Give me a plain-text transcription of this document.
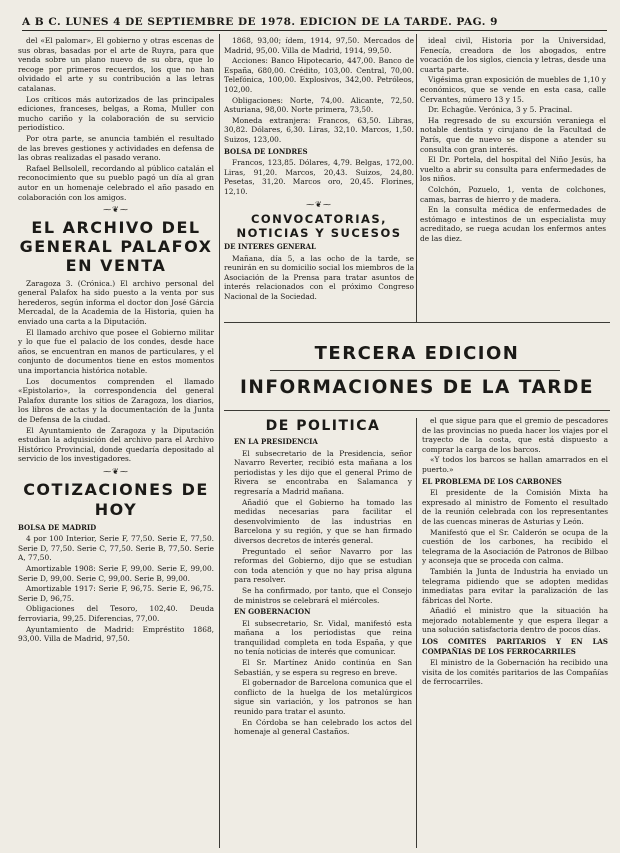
A B C. LUNES 4 DE SEPTIEMBRE DE 1978. EDICION DE LA TARDE. PAG. 9

del «El palomar», El gobierno y otras escenas de sus obras, basadas por el arte de Ruyra, para que venda sobre un plano nuevo de su obra, que lo recoge por primeros recuerdos, los que no han olvidado el arte y su contribución a las letras catalanas.

Los críticos más autorizados de las principales ediciones, franceses, belgas, a Roma, Muller con mucho cariño y la colaboración de su servicio periodístico.

Por otra parte, se anuncia también el resultado de las breves gestiones y actividades en defensa de las obras realizadas el pasado verano.

Rafael Bellsolell, recordando al público catalán el reconocimiento que su pueblo pagó un día al gran autor en un homenaje celebrado el año pasado en colaboración con los amigos.

⁓❦⁓
EL ARCHIVO DEL GENERAL PALAFOX EN VENTA

Zaragoza 3. (Crónica.) El archivo personal del general Palafox ha sido puesto a la venta por sus herederos, según informa el doctor don José Gárcia Mercadal, de la Academia de la Historia, quien ha enviado una carta a la Diputación.

El llamado archivo que posee el Gobierno militar y lo que fue el palacio de los condes, desde hace años, se encuentran en manos de particulares, y el conjunto de documentos tiene en estos momentos una importancia histórica notable.

Los documentos comprenden el llamado «Epistolario», la correspondencia del general Palafox durante los sitios de Zaragoza, los diarios, los libros de actas y la documentación de la Junta de Defensa de la ciudad.

El Ayuntamiento de Zaragoza y la Diputación estudian la adquisición del archivo para el Archivo Histórico Provincial, donde quedaría depositado al servicio de los investigadores.

⁓❦⁓
COTIZACIONES DE HOY
BOLSA DE MADRID

4 por 100 Interior, Serie F, 77,50. Serie E, 77,50. Serie D, 77,50. Serie C, 77,50. Serie B, 77,50. Serie A, 77,50.

Amortizable 1908: Serie F, 99,00. Serie E, 99,00. Serie D, 99,00. Serie C, 99,00. Serie B, 99,00.

Amortizable 1917: Serie F, 96,75. Serie E, 96,75. Serie D, 96,75.

Obligaciones del Tesoro, 102,40. Deuda ferroviaria, 99,25. Diferencias, 77,00.

Ayuntamiento de Madrid: Empréstito 1868, 93,00. Villa de Madrid, 97,50.

1868, 93,00; ídem, 1914, 97,50. Mercados de Madrid, 95,00. Villa de Madrid, 1914, 99,50.

Acciones: Banco Hipotecario, 447,00. Banco de España, 680,00. Crédito, 103,00. Central, 70,00. Telefónica, 100,00. Explosivos, 342,00. Petróleos, 102,00.

Obligaciones: Norte, 74,00. Alicante, 72,50. Asturiana, 98,00. Norte primera, 73,50.

Moneda extranjera: Francos, 63,50. Libras, 30,82. Dólares, 6,30. Liras, 32,10. Marcos, 1,50. Suizos, 123,00.

BOLSA DE LONDRES

Francos, 123,85. Dólares, 4,79. Belgas, 172,00. Liras, 91,20. Marcos, 20,43. Suizos, 24,80. Pesetas, 31,20. Marcos oro, 20,45. Florines, 12,10.

⁓❦⁓
CONVOCATORIAS, NOTICIAS Y SUCESOS
DE INTERES GENERAL

Mañana, día 5, a las ocho de la tarde, se reunirán en su domicilio social los miembros de la Asociación de la Prensa para tratar asuntos de interés relacionados con el próximo Congreso Nacional de la Sociedad.

ideal civil, Historia por la Universidad, Fenecía, creadora de los abogados, entre vocación de los siglos, ciencia y letras, desde una cuarta parte.

Vigésima gran exposición de muebles de 1,10 y económicos, que se vende en esta casa, calle Cervantes, número 13 y 15.

Dr. Echagüe. Verónica, 3 y 5. Pracinal.

Ha regresado de su excursión veraniega el notable dentista y cirujano de la Facultad de París, que de nuevo se dispone a atender su consulta con gran interés.

El Dr. Portela, del hospital del Niño Jesús, ha vuelto a abrir su consulta para enfermedades de los niños.

Colchón, Pozuelo, 1, venta de colchones, camas, barras de hierro y de madera.

En la consulta médica de enfermedades de estómago e intestinos de un especialista muy acreditado, se ruega acudan los enfermos antes de las diez.

TERCERA EDICION
INFORMACIONES DE LA TARDE
DE POLITICA
EN LA PRESIDENCIA

El subsecretario de la Presidencia, señor Navarro Reverter, recibió esta mañana a los periodistas y les dijo que el general Primo de Rivera se encontraba en Salamanca y regresaría a Madrid mañana.

Añadió que el Gobierno ha tomado las medidas necesarias para facilitar el desenvolvimiento de las industrias en Barcelona y su región, y que se han firmado diversos decretos de interés general.

Preguntado el señor Navarro por las reformas del Gobierno, dijo que se estudian con toda atención y que no hay prisa alguna para resolver.

Se ha confirmado, por tanto, que el Consejo de ministros se celebrará el miércoles.

EN GOBERNACION

El subsecretario, Sr. Vidal, manifestó esta mañana a los periodistas que reina tranquilidad completa en toda España, y que no tenía noticias de interés que comunicar.

El Sr. Martínez Anido continúa en San Sebastián, y se espera su regreso en breve.

El gobernador de Barcelona comunica que el conflicto de la huelga de los metalúrgicos sigue sin variación, y los patronos se han reunido para tratar el asunto.

En Córdoba se han celebrado los actos del homenaje al general Castaños.

el que sigue para que el gremio de pescadores de las provincias no pueda hacer los viajes por el trayecto de la costa, que está dispuesto a comprar la carga de los barcos.

«Y todos los barcos se hallan amarrados en el puerto.»

EL PROBLEMA DE LOS CARBONES

El presidente de la Comisión Mixta ha expresado al ministro de Fomento el resultado de la reunión celebrada con los representantes de las cuencas mineras de Asturias y León.

Manifestó que el Sr. Calderón se ocupa de la cuestión de los carbones, ha recibido el telegrama de la Asociación de Patronos de Bilbao y aconseja que se proceda con calma.

También la Junta de Industria ha enviado un telegrama pidiendo que se adopten medidas inmediatas para evitar la paralización de las fábricas del Norte.

Añadió el ministro que la situación ha mejorado notablemente y que espera llegar a una solución satisfactoria dentro de pocos días.

LOS COMITES PARITARIOS Y EN LAS COMPAÑIAS DE LOS FERROCARRILES

El ministro de la Gobernación ha recibido una visita de los comités paritarios de las Compañías de ferrocarriles.
